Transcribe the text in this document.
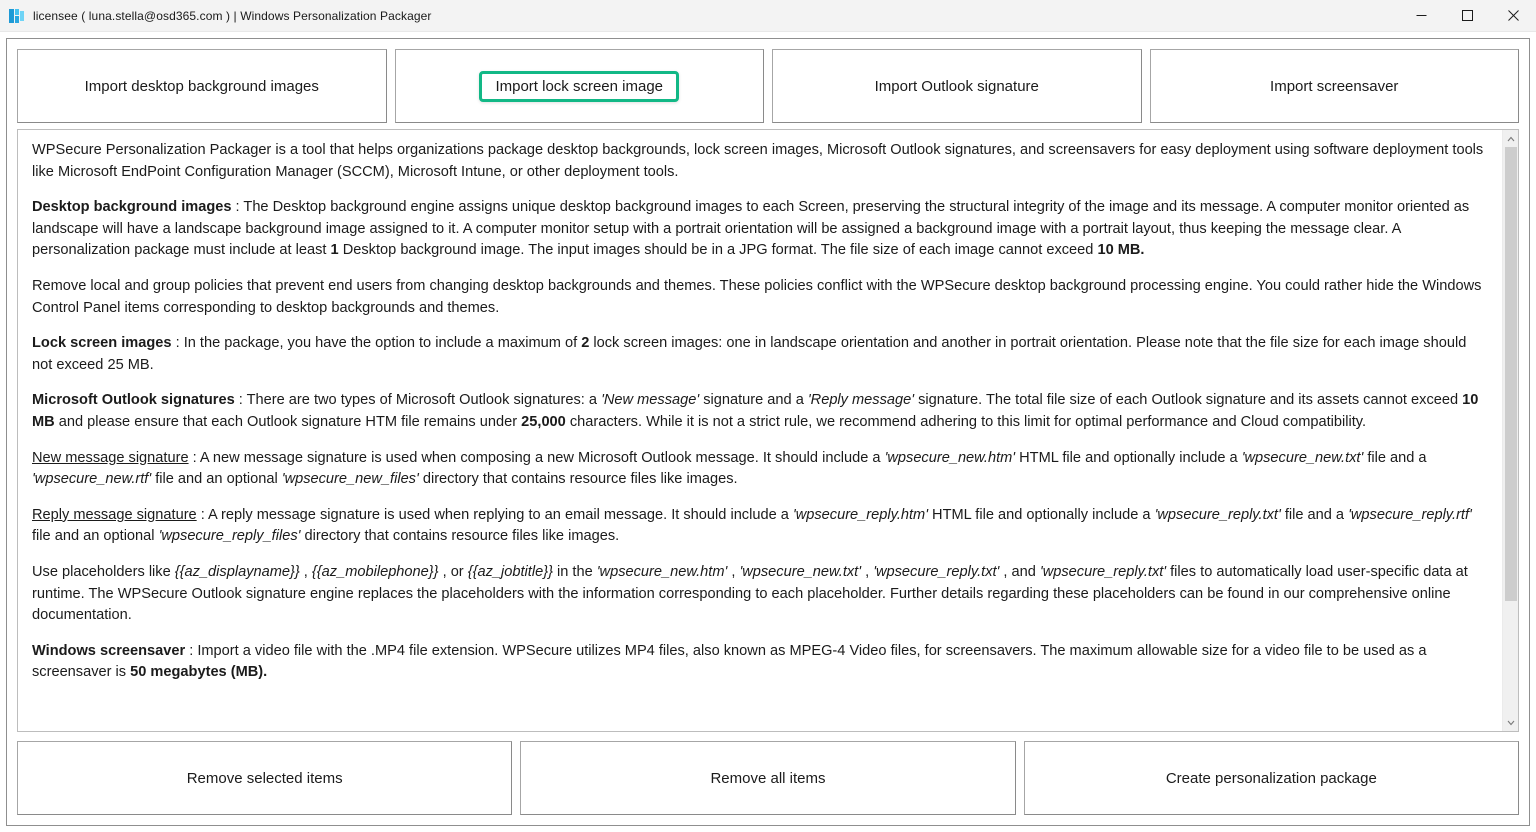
licensee ( luna.stella@osd365.com ) | Windows Personalization Packager
Import desktop background images	Import lock screen image	Import Outlook signature	Import screensaver

WPSecure Personalization Packager is a tool that helps organizations package desktop backgrounds, lock screen images, Microsoft Outlook signatures, and screensavers for easy deployment using software deployment tools like Microsoft EndPoint Configuration Manager (SCCM), Microsoft Intune, or other deployment tools.

Desktop background images : The Desktop background engine assigns unique desktop background images to each Screen, preserving the structural integrity of the image and its message. A computer monitor oriented as landscape will have a landscape background image assigned to it. A computer monitor setup with a portrait orientation will be assigned a background image with a portrait layout, thus keeping the message clear. A personalization package must include at least 1 Desktop background image. The input images should be in a JPG format. The file size of each image cannot exceed 10 MB.

Remove local and group policies that prevent end users from changing desktop backgrounds and themes. These policies conflict with the WPSecure desktop background processing engine. You could rather hide the Windows Control Panel items corresponding to desktop backgrounds and themes.

Lock screen images : In the package, you have the option to include a maximum of 2 lock screen images: one in landscape orientation and another in portrait orientation. Please note that the file size for each image should not exceed 25 MB.

Microsoft Outlook signatures : There are two types of Microsoft Outlook signatures: a 'New message' signature and a 'Reply message' signature. The total file size of each Outlook signature and its assets cannot exceed 10 MB and please ensure that each Outlook signature HTM file remains under 25,000 characters. While it is not a strict rule, we recommend adhering to this limit for optimal performance and Cloud compatibility.

New message signature : A new message signature is used when composing a new Microsoft Outlook message. It should include a 'wpsecure_new.htm' HTML file and optionally include a 'wpsecure_new.txt' file and a 'wpsecure_new.rtf' file and an optional 'wpsecure_new_files' directory that contains resource files like images.

Reply message signature : A reply message signature is used when replying to an email message. It should include a 'wpsecure_reply.htm' HTML file and optionally include a 'wpsecure_reply.txt' file and a 'wpsecure_reply.rtf' file and an optional 'wpsecure_reply_files' directory that contains resource files like images.

Use placeholders like {{az_displayname}} , {{az_mobilephone}} , or {{az_jobtitle}} in the 'wpsecure_new.htm' , 'wpsecure_new.txt' , 'wpsecure_reply.txt' , and 'wpsecure_reply.txt' files to automatically load user-specific data at runtime. The WPSecure Outlook signature engine replaces the placeholders with the information corresponding to each placeholder. Further details regarding these placeholders can be found in our comprehensive online documentation.

Windows screensaver : Import a video file with the .MP4 file extension. WPSecure utilizes MP4 files, also known as MPEG-4 Video files, for screensavers. The maximum allowable size for a video file to be used as a screensaver is 50 megabytes (MB).

Remove selected items	Remove all items	Create personalization package
